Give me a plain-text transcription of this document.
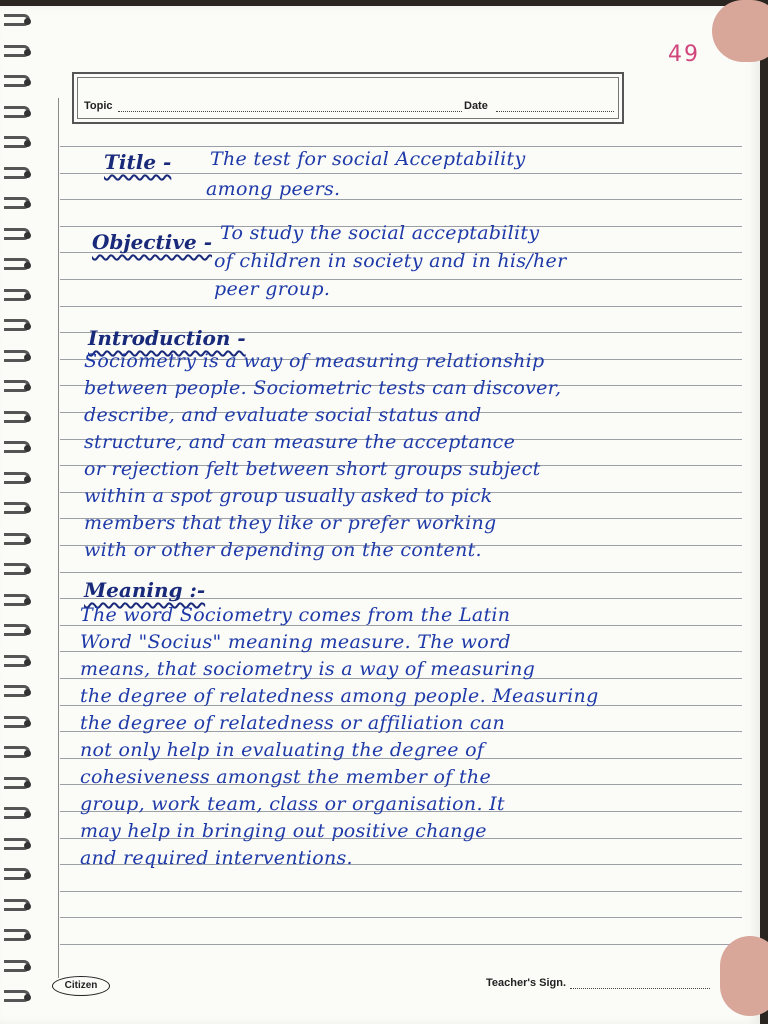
49
Topic	Date
Title - The test for social Acceptability
among peers.
Objective - To study the social acceptability
of children in society and in his/her
peer group.
Introduction -
Sociometry is a way of measuring relationship
between people. Sociometric tests can discover,
describe, and evaluate social status and
structure, and can measure the acceptance
or rejection felt between short groups subject
within a spot group usually asked to pick
members that they like or prefer working
with or other depending on the content.
Meaning :-
The word Sociometry comes from the Latin
Word "Socius" meaning measure. The word
means, that sociometry is a way of measuring
the degree of relatedness among people. Measuring
the degree of relatedness or affiliation can
not only help in evaluating the degree of
cohesiveness amongst the member of the
group, work team, class or organisation. It
may help in bringing out positive change
and required interventions.
Citizen	Teacher's Sign.
